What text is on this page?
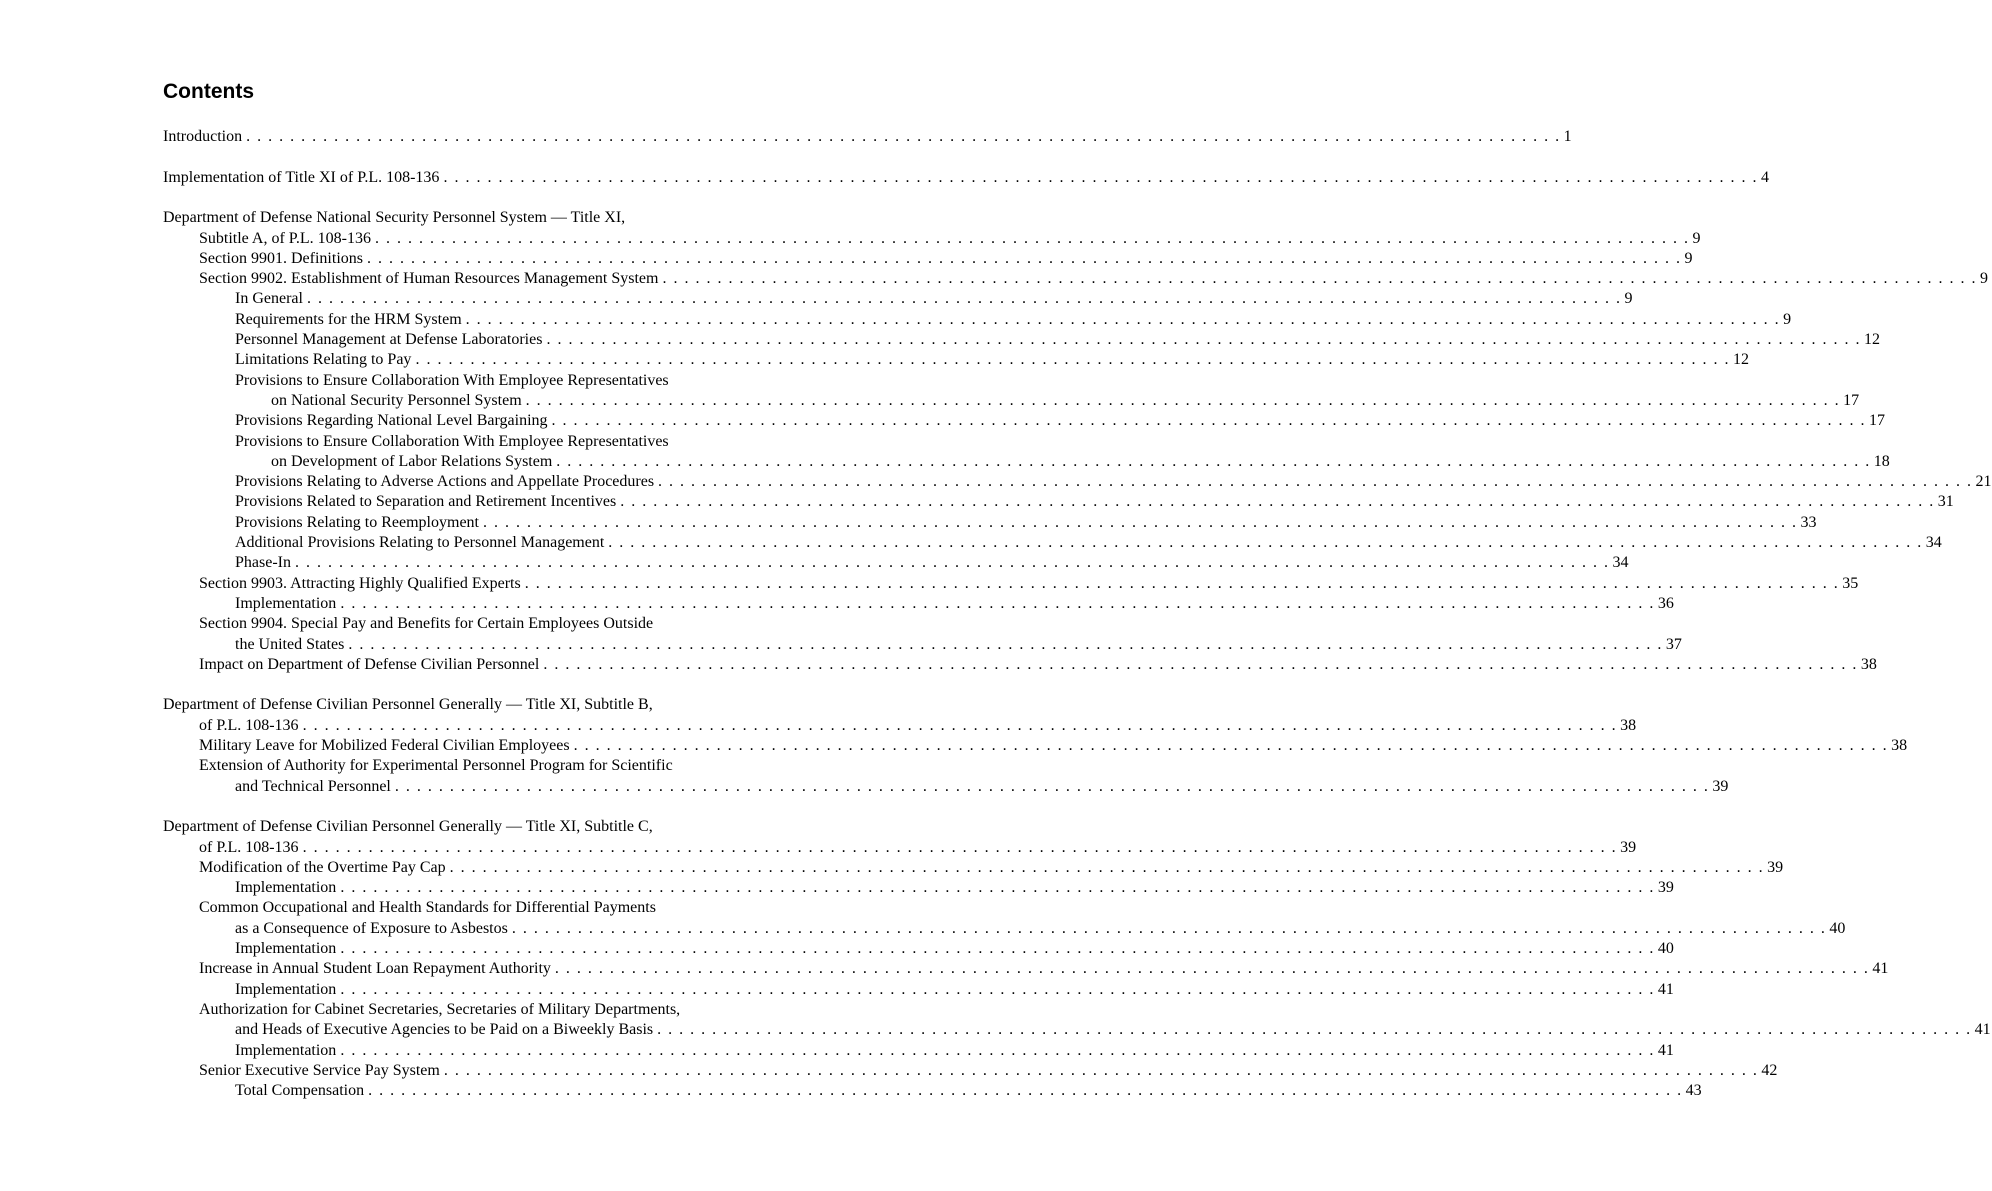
Contents
Introduction . . . . . . . . . . . . . . . . . . . . . . . . . . . . . . . . . . . . . . . . . . . . . . . . . . . . . . . . . . . . . . . . . . . . . . . . . . . . . . . . . . . . . . . . . . . . . . . . . . . . . . . . . . . . . . . . . . . . . . . . 1
Implementation of Title XI of P.L. 108-136 . . . . . . . . . . . . . . . . . . . . . . . . . . . . . . . . . . . . . . . . . . . . . . . . . . . . . . . . . . . . . . . . . . . . . . . . . . . . . . . . . . . . . . . . . . . . . . . . . . . . . . . . . . . . . . . . . . . . . . . . 4
Department of Defense National Security Personnel System — Title XI,
Subtitle A, of P.L. 108-136 . . . . . . . . . . . . . . . . . . . . . . . . . . . . . . . . . . . . . . . . . . . . . . . . . . . . . . . . . . . . . . . . . . . . . . . . . . . . . . . . . . . . . . . . . . . . . . . . . . . . . . . . . . . . . . . . . . . . . . . . 9
Section 9901. Definitions . . . . . . . . . . . . . . . . . . . . . . . . . . . . . . . . . . . . . . . . . . . . . . . . . . . . . . . . . . . . . . . . . . . . . . . . . . . . . . . . . . . . . . . . . . . . . . . . . . . . . . . . . . . . . . . . . . . . . . . . 9
Section 9902. Establishment of Human Resources Management System . . . . . . . . . . . . . . . . . . . . . . . . . . . . . . . . . . . . . . . . . . . . . . . . . . . . . . . . . . . . . . . . . . . . . . . . . . . . . . . . . . . . . . . . . . . . . . . . . . . . . . . . . . . . . . . . . . . . . . . . 9
In General . . . . . . . . . . . . . . . . . . . . . . . . . . . . . . . . . . . . . . . . . . . . . . . . . . . . . . . . . . . . . . . . . . . . . . . . . . . . . . . . . . . . . . . . . . . . . . . . . . . . . . . . . . . . . . . . . . . . . . . . 9
Requirements for the HRM System . . . . . . . . . . . . . . . . . . . . . . . . . . . . . . . . . . . . . . . . . . . . . . . . . . . . . . . . . . . . . . . . . . . . . . . . . . . . . . . . . . . . . . . . . . . . . . . . . . . . . . . . . . . . . . . . . . . . . . . . 9
Personnel Management at Defense Laboratories . . . . . . . . . . . . . . . . . . . . . . . . . . . . . . . . . . . . . . . . . . . . . . . . . . . . . . . . . . . . . . . . . . . . . . . . . . . . . . . . . . . . . . . . . . . . . . . . . . . . . . . . . . . . . . . . . . . . . . . . 12
Limitations Relating to Pay . . . . . . . . . . . . . . . . . . . . . . . . . . . . . . . . . . . . . . . . . . . . . . . . . . . . . . . . . . . . . . . . . . . . . . . . . . . . . . . . . . . . . . . . . . . . . . . . . . . . . . . . . . . . . . . . . . . . . . . . 12
Provisions to Ensure Collaboration With Employee Representatives
on National Security Personnel System . . . . . . . . . . . . . . . . . . . . . . . . . . . . . . . . . . . . . . . . . . . . . . . . . . . . . . . . . . . . . . . . . . . . . . . . . . . . . . . . . . . . . . . . . . . . . . . . . . . . . . . . . . . . . . . . . . . . . . . . 17
Provisions Regarding National Level Bargaining . . . . . . . . . . . . . . . . . . . . . . . . . . . . . . . . . . . . . . . . . . . . . . . . . . . . . . . . . . . . . . . . . . . . . . . . . . . . . . . . . . . . . . . . . . . . . . . . . . . . . . . . . . . . . . . . . . . . . . . . 17
Provisions to Ensure Collaboration With Employee Representatives
on Development of Labor Relations System . . . . . . . . . . . . . . . . . . . . . . . . . . . . . . . . . . . . . . . . . . . . . . . . . . . . . . . . . . . . . . . . . . . . . . . . . . . . . . . . . . . . . . . . . . . . . . . . . . . . . . . . . . . . . . . . . . . . . . . . 18
Provisions Relating to Adverse Actions and Appellate Procedures . . . . . . . . . . . . . . . . . . . . . . . . . . . . . . . . . . . . . . . . . . . . . . . . . . . . . . . . . . . . . . . . . . . . . . . . . . . . . . . . . . . . . . . . . . . . . . . . . . . . . . . . . . . . . . . . . . . . . . . . 21
Provisions Related to Separation and Retirement Incentives . . . . . . . . . . . . . . . . . . . . . . . . . . . . . . . . . . . . . . . . . . . . . . . . . . . . . . . . . . . . . . . . . . . . . . . . . . . . . . . . . . . . . . . . . . . . . . . . . . . . . . . . . . . . . . . . . . . . . . . . 31
Provisions Relating to Reemployment . . . . . . . . . . . . . . . . . . . . . . . . . . . . . . . . . . . . . . . . . . . . . . . . . . . . . . . . . . . . . . . . . . . . . . . . . . . . . . . . . . . . . . . . . . . . . . . . . . . . . . . . . . . . . . . . . . . . . . . . 33
Additional Provisions Relating to Personnel Management . . . . . . . . . . . . . . . . . . . . . . . . . . . . . . . . . . . . . . . . . . . . . . . . . . . . . . . . . . . . . . . . . . . . . . . . . . . . . . . . . . . . . . . . . . . . . . . . . . . . . . . . . . . . . . . . . . . . . . . . 34
Phase-In . . . . . . . . . . . . . . . . . . . . . . . . . . . . . . . . . . . . . . . . . . . . . . . . . . . . . . . . . . . . . . . . . . . . . . . . . . . . . . . . . . . . . . . . . . . . . . . . . . . . . . . . . . . . . . . . . . . . . . . . 34
Section 9903. Attracting Highly Qualified Experts . . . . . . . . . . . . . . . . . . . . . . . . . . . . . . . . . . . . . . . . . . . . . . . . . . . . . . . . . . . . . . . . . . . . . . . . . . . . . . . . . . . . . . . . . . . . . . . . . . . . . . . . . . . . . . . . . . . . . . . . 35
Implementation . . . . . . . . . . . . . . . . . . . . . . . . . . . . . . . . . . . . . . . . . . . . . . . . . . . . . . . . . . . . . . . . . . . . . . . . . . . . . . . . . . . . . . . . . . . . . . . . . . . . . . . . . . . . . . . . . . . . . . . . 36
Section 9904. Special Pay and Benefits for Certain Employees Outside
the United States . . . . . . . . . . . . . . . . . . . . . . . . . . . . . . . . . . . . . . . . . . . . . . . . . . . . . . . . . . . . . . . . . . . . . . . . . . . . . . . . . . . . . . . . . . . . . . . . . . . . . . . . . . . . . . . . . . . . . . . . 37
Impact on Department of Defense Civilian Personnel . . . . . . . . . . . . . . . . . . . . . . . . . . . . . . . . . . . . . . . . . . . . . . . . . . . . . . . . . . . . . . . . . . . . . . . . . . . . . . . . . . . . . . . . . . . . . . . . . . . . . . . . . . . . . . . . . . . . . . . . 38
Department of Defense Civilian Personnel Generally — Title XI, Subtitle B,
of P.L. 108-136 . . . . . . . . . . . . . . . . . . . . . . . . . . . . . . . . . . . . . . . . . . . . . . . . . . . . . . . . . . . . . . . . . . . . . . . . . . . . . . . . . . . . . . . . . . . . . . . . . . . . . . . . . . . . . . . . . . . . . . . . 38
Military Leave for Mobilized Federal Civilian Employees . . . . . . . . . . . . . . . . . . . . . . . . . . . . . . . . . . . . . . . . . . . . . . . . . . . . . . . . . . . . . . . . . . . . . . . . . . . . . . . . . . . . . . . . . . . . . . . . . . . . . . . . . . . . . . . . . . . . . . . . 38
Extension of Authority for Experimental Personnel Program for Scientific
and Technical Personnel . . . . . . . . . . . . . . . . . . . . . . . . . . . . . . . . . . . . . . . . . . . . . . . . . . . . . . . . . . . . . . . . . . . . . . . . . . . . . . . . . . . . . . . . . . . . . . . . . . . . . . . . . . . . . . . . . . . . . . . . 39
Department of Defense Civilian Personnel Generally — Title XI, Subtitle C,
of P.L. 108-136 . . . . . . . . . . . . . . . . . . . . . . . . . . . . . . . . . . . . . . . . . . . . . . . . . . . . . . . . . . . . . . . . . . . . . . . . . . . . . . . . . . . . . . . . . . . . . . . . . . . . . . . . . . . . . . . . . . . . . . . . 39
Modification of the Overtime Pay Cap . . . . . . . . . . . . . . . . . . . . . . . . . . . . . . . . . . . . . . . . . . . . . . . . . . . . . . . . . . . . . . . . . . . . . . . . . . . . . . . . . . . . . . . . . . . . . . . . . . . . . . . . . . . . . . . . . . . . . . . . 39
Implementation . . . . . . . . . . . . . . . . . . . . . . . . . . . . . . . . . . . . . . . . . . . . . . . . . . . . . . . . . . . . . . . . . . . . . . . . . . . . . . . . . . . . . . . . . . . . . . . . . . . . . . . . . . . . . . . . . . . . . . . . 39
Common Occupational and Health Standards for Differential Payments
as a Consequence of Exposure to Asbestos . . . . . . . . . . . . . . . . . . . . . . . . . . . . . . . . . . . . . . . . . . . . . . . . . . . . . . . . . . . . . . . . . . . . . . . . . . . . . . . . . . . . . . . . . . . . . . . . . . . . . . . . . . . . . . . . . . . . . . . . 40
Implementation . . . . . . . . . . . . . . . . . . . . . . . . . . . . . . . . . . . . . . . . . . . . . . . . . . . . . . . . . . . . . . . . . . . . . . . . . . . . . . . . . . . . . . . . . . . . . . . . . . . . . . . . . . . . . . . . . . . . . . . . 40
Increase in Annual Student Loan Repayment Authority . . . . . . . . . . . . . . . . . . . . . . . . . . . . . . . . . . . . . . . . . . . . . . . . . . . . . . . . . . . . . . . . . . . . . . . . . . . . . . . . . . . . . . . . . . . . . . . . . . . . . . . . . . . . . . . . . . . . . . . . 41
Implementation . . . . . . . . . . . . . . . . . . . . . . . . . . . . . . . . . . . . . . . . . . . . . . . . . . . . . . . . . . . . . . . . . . . . . . . . . . . . . . . . . . . . . . . . . . . . . . . . . . . . . . . . . . . . . . . . . . . . . . . . 41
Authorization for Cabinet Secretaries, Secretaries of Military Departments,
and Heads of Executive Agencies to be Paid on a Biweekly Basis . . . . . . . . . . . . . . . . . . . . . . . . . . . . . . . . . . . . . . . . . . . . . . . . . . . . . . . . . . . . . . . . . . . . . . . . . . . . . . . . . . . . . . . . . . . . . . . . . . . . . . . . . . . . . . . . . . . . . . . . 41
Implementation . . . . . . . . . . . . . . . . . . . . . . . . . . . . . . . . . . . . . . . . . . . . . . . . . . . . . . . . . . . . . . . . . . . . . . . . . . . . . . . . . . . . . . . . . . . . . . . . . . . . . . . . . . . . . . . . . . . . . . . . 41
Senior Executive Service Pay System . . . . . . . . . . . . . . . . . . . . . . . . . . . . . . . . . . . . . . . . . . . . . . . . . . . . . . . . . . . . . . . . . . . . . . . . . . . . . . . . . . . . . . . . . . . . . . . . . . . . . . . . . . . . . . . . . . . . . . . . 42
Total Compensation . . . . . . . . . . . . . . . . . . . . . . . . . . . . . . . . . . . . . . . . . . . . . . . . . . . . . . . . . . . . . . . . . . . . . . . . . . . . . . . . . . . . . . . . . . . . . . . . . . . . . . . . . . . . . . . . . . . . . . . . 43
